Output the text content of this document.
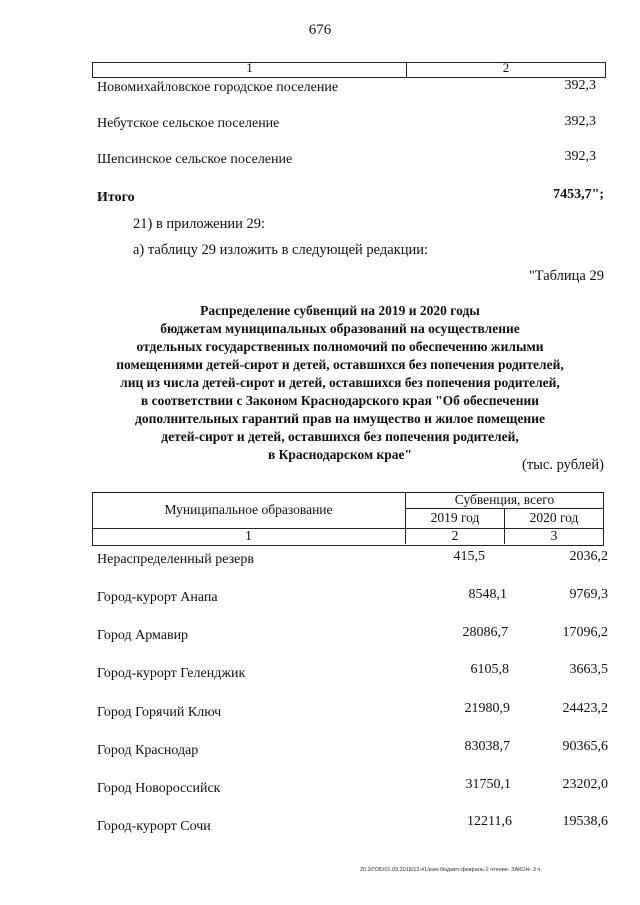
676
1	2
Новомихайловское городское поселение	392,3
Небутское сельское поселение	392,3
Шепсинское сельское поселение	392,3
Итого	7453,7";
21) в приложении 29:
а) таблицу 29 изложить в следующей редакции:
"Таблица 29
Распределение субвенций на 2019 и 2020 годы
бюджетам муниципальных образований на осуществление
отдельных государственных полномочий по обеспечению жилыми
помещениями детей-сирот и детей, оставшихся без попечения родителей,
лиц из числа детей-сирот и детей, оставшихся без попечения родителей,
в соответствии с Законом Краснодарского края "Об обеспечении
дополнительных гарантий прав на имущество и жилое помещение
детей-сирот и детей, оставшихся без попечения родителей,
в Краснодарском крае"
(тыс. рублей)
Муниципальное образование
Субвенция, всего
2019 год	2020 год
1	2	3
Нераспределенный резерв	415,5	2036,2
Город-курорт Анапа	8548,1	9769,3
Город Армавир	28086,7	17096,2
Город-курорт Геленджик	6105,8	3663,5
Город Горячий Ключ	21980,9	24423,2
Город Краснодар	83038,7	90365,6
Город Новороссийск	31750,1	23202,0
Город-курорт Сочи	12211,6	19538,6
20.3/ГОБ/01.03.2018/13:41/изм-бюджет-февраль-2 чтение- ЗАКОН- 3 ч.
